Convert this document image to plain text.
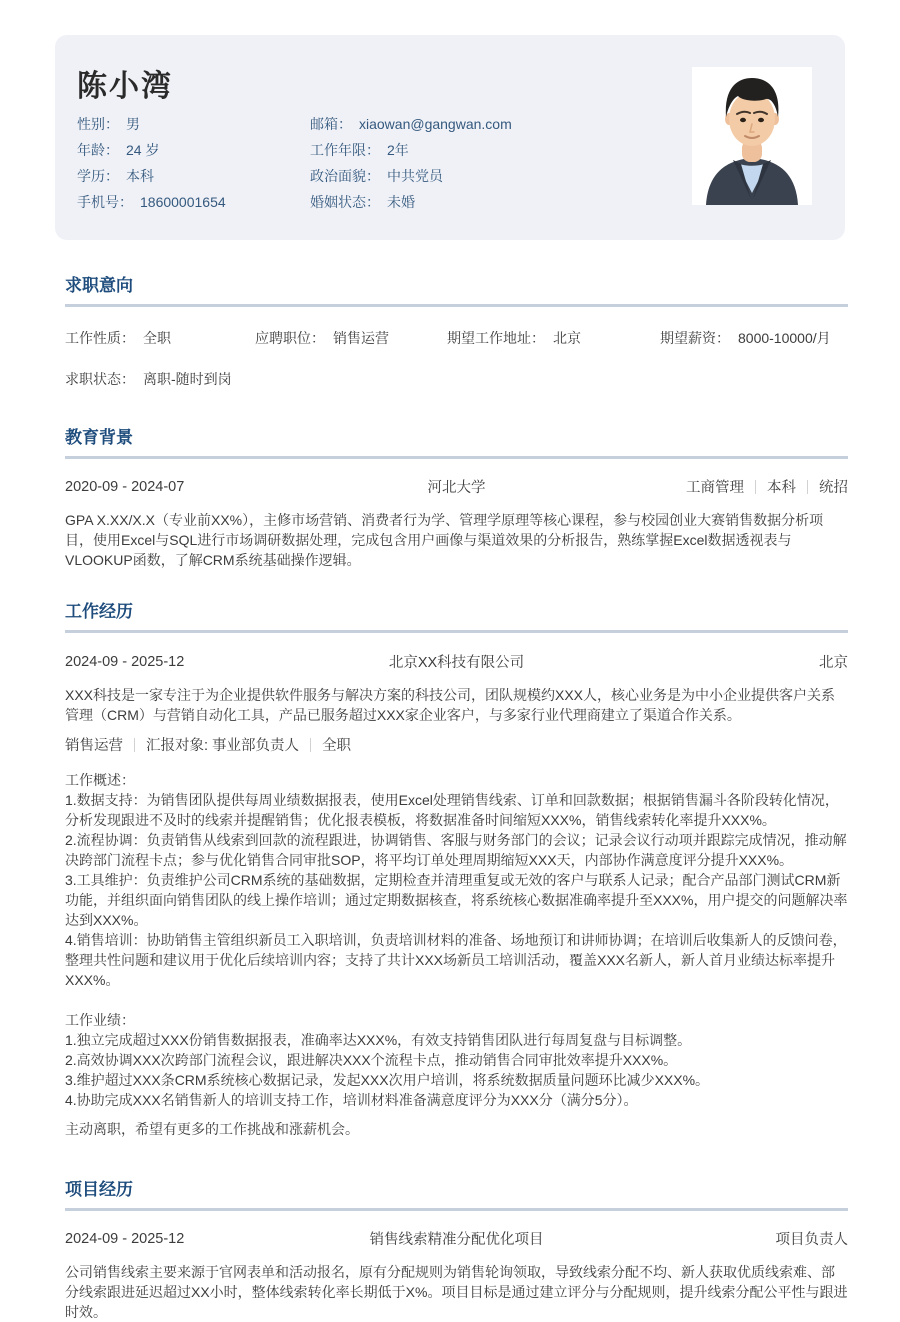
陈小湾
性别： 男
年龄： 24 岁
学历： 本科
手机号： 18600001654
邮箱： xiaowan@gangwan.com
工作年限： 2年
政治面貌： 中共党员
婚姻状态： 未婚
求职意向
工作性质： 全职	应聘职位： 销售运营	期望工作地址： 北京	期望薪资： 8000-10000/月
求职状态： 离职-随时到岗
教育背景
2020-09 - 2024-07	河北大学	工商管理 本科 统招
GPA X.XX/X.X（专业前XX%），主修市场营销、消费者行为学、管理学原理等核心课程，参与校园创业大赛销售数据分析项目，使用Excel与SQL进行市场调研数据处理，完成包含用户画像与渠道效果的分析报告，熟练掌握Excel数据透视表与VLOOKUP函数，了解CRM系统基础操作逻辑。
工作经历
2024-09 - 2025-12	北京XX科技有限公司	北京
XXX科技是一家专注于为企业提供软件服务与解决方案的科技公司，团队规模约XXX人，核心业务是为中小企业提供客户关系管理（CRM）与营销自动化工具，产品已服务超过XXX家企业客户，与多家行业代理商建立了渠道合作关系。
销售运营 汇报对象: 事业部负责人 全职
工作概述：
1.数据支持：为销售团队提供每周业绩数据报表，使用Excel处理销售线索、订单和回款数据；根据销售漏斗各阶段转化情况，分析发现跟进不及时的线索并提醒销售；优化报表模板，将数据准备时间缩短XXX%，销售线索转化率提升XXX%。
2.流程协调：负责销售从线索到回款的流程跟进，协调销售、客服与财务部门的会议；记录会议行动项并跟踪完成情况，推动解决跨部门流程卡点；参与优化销售合同审批SOP，将平均订单处理周期缩短XXX天，内部协作满意度评分提升XXX%。
3.工具维护：负责维护公司CRM系统的基础数据，定期检查并清理重复或无效的客户与联系人记录；配合产品部门测试CRM新功能，并组织面向销售团队的线上操作培训；通过定期数据核查，将系统核心数据准确率提升至XXX%，用户提交的问题解决率达到XXX%。
4.销售培训：协助销售主管组织新员工入职培训，负责培训材料的准备、场地预订和讲师协调；在培训后收集新人的反馈问卷，整理共性问题和建议用于优化后续培训内容；支持了共计XXX场新员工培训活动，覆盖XXX名新人，新人首月业绩达标率提升XXX%。
工作业绩：
1.独立完成超过XXX份销售数据报表，准确率达XXX%，有效支持销售团队进行每周复盘与目标调整。
2.高效协调XXX次跨部门流程会议，跟进解决XXX个流程卡点，推动销售合同审批效率提升XXX%。
3.维护超过XXX条CRM系统核心数据记录，发起XXX次用户培训，将系统数据质量问题环比减少XXX%。
4.协助完成XXX名销售新人的培训支持工作，培训材料准备满意度评分为XXX分（满分5分）。
主动离职，希望有更多的工作挑战和涨薪机会。
项目经历
2024-09 - 2025-12	销售线索精准分配优化项目	项目负责人
公司销售线索主要来源于官网表单和活动报名，原有分配规则为销售轮询领取，导致线索分配不均、新人获取优质线索难、部分线索跟进延迟超过XX小时，整体线索转化率长期低于X%。项目目标是通过建立评分与分配规则，提升线索分配公平性与跟进时效。
